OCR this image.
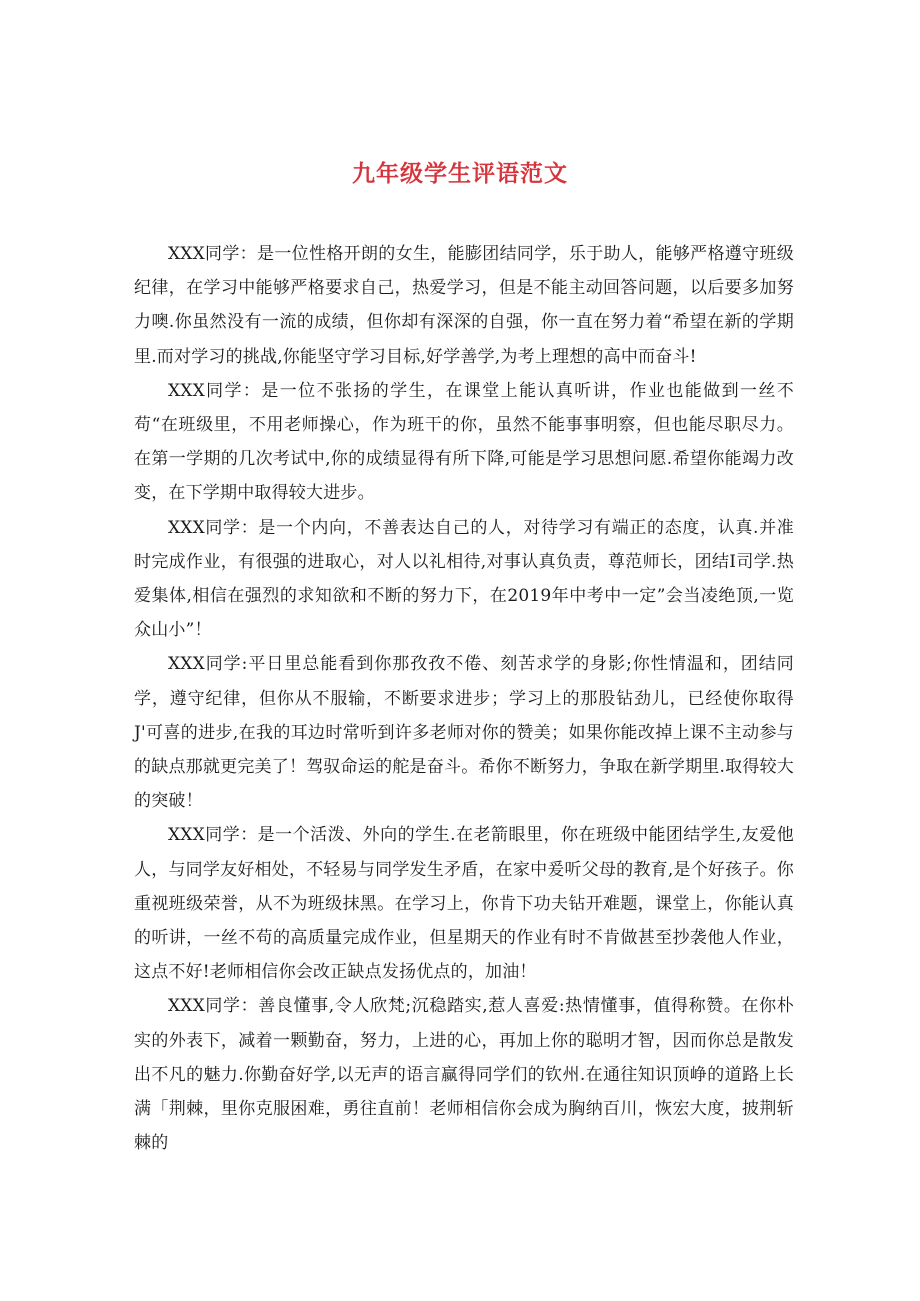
九年级学生评语范文

XXX同学：是一位性格开朗的女生，能膨团结同学，乐于助人，能够严格遵守班级纪律，在学习中能够严格要求自己，热爱学习，但是不能主动回答问题，以后要多加努力噢.你虽然没有一流的成绩，但你却有深深的自强，你一直在努力着“希望在新的学期里.而对学习的挑战,你能坚守学习目标,好学善学,为考上理想的高中而奋斗!

XXX同学：是一位不张扬的学生，在课堂上能认真听讲，作业也能做到一丝不苟“在班级里，不用老师操心，作为班干的你，虽然不能事事明察，但也能尽职尽力。在第一学期的几次考试中,你的成绩显得有所下降,可能是学习思想问愿.希望你能竭力改变，在下学期中取得较大进步。

XXX同学：是一个内向，不善表达自己的人，对待学习有端正的态度，认真.并准时完成作业，有很强的进取心，对人以礼相待,对事认真负责，尊范师长，团结I司学.热爱集体,相信在强烈的求知欲和不断的努力下，在2019年中考中一定”会当凌绝顶,一览众山小”！

XXX同学:平日里总能看到你那孜孜不倦、刻苦求学的身影;你性情温和，团结同学，遵守纪律，但你从不服输，不断要求进步；学习上的那股钻劲儿，已经使你取得J'可喜的进步,在我的耳边时常听到许多老师对你的赞美；如果你能改掉上课不主动参与的缺点那就更完美了！驾驭命运的舵是奋斗。希你不断努力，争取在新学期里.取得较大的突破！

XXX同学：是一个活泼、外向的学生.在老箭眼里，你在班级中能团结学生,友爱他人，与同学友好相处，不轻易与同学发生矛盾，在家中爰听父母的教育,是个好孩子。你重视班级荣誉，从不为班级抹黑。在学习上，你肯下功夫钻开难题，课堂上，你能认真的听讲，一丝不苟的高质量完成作业，但星期天的作业有时不肯做甚至抄袭他人作业，这点不好!老师相信你会改正缺点发扬优点的，加油！

XXX同学：善良懂事,令人欣梵;沉稳踏实,惹人喜爱:热情懂事，值得称赞。在你朴实的外表下，减着一颗勤奋，努力，上进的心，再加上你的聪明才智，因而你总是散发出不凡的魅力.你勤奋好学,以无声的语言赢得同学们的钦州.在通往知识顶峥的道路上长满「荆棘，里你克服困难，勇往直前！老师相信你会成为胸纳百川，恢宏大度，披荆斩棘的
